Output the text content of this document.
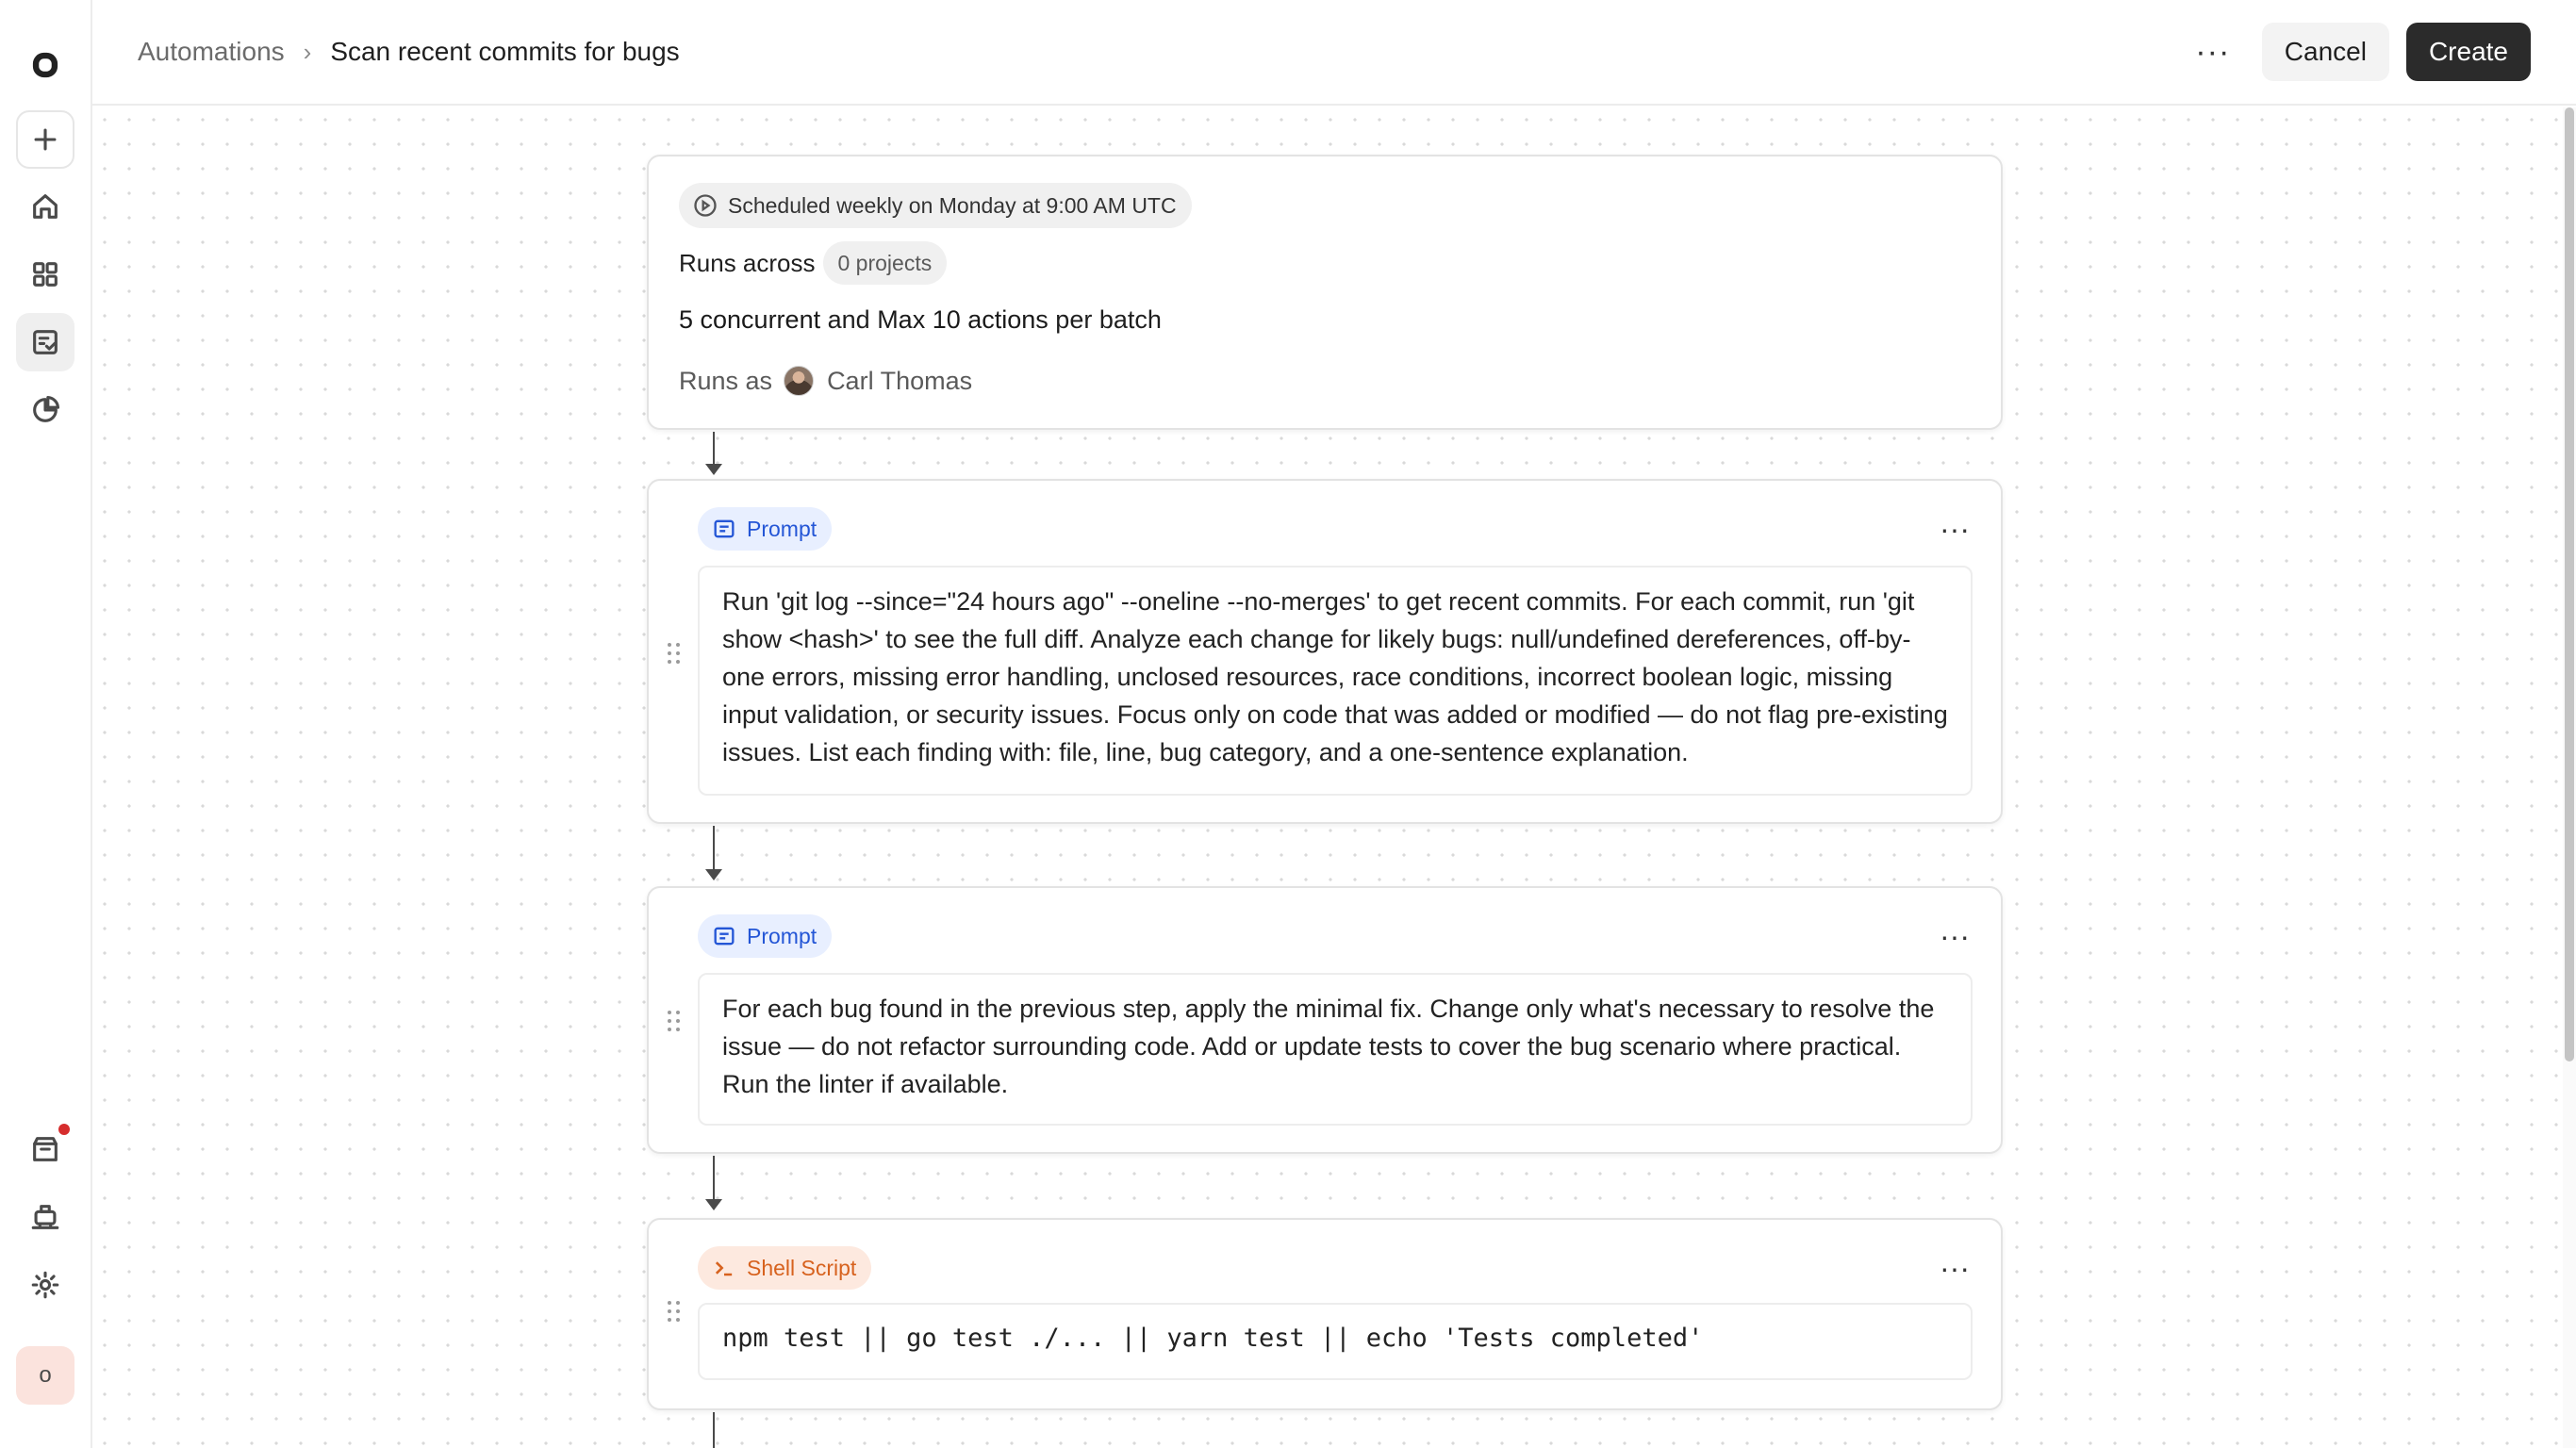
o
Automations › Scan recent commits for bugs	···	Cancel	Create
Scheduled weekly on Monday at 9:00 AM UTC
Runs across	0 projects
5 concurrent and Max 10 actions per batch
Runs as Carl Thomas
Prompt	···
Run 'git log --since="24 hours ago" --oneline --no-merges' to get recent commits. For each commit, run 'git show <hash>' to see the full diff. Analyze each change for likely bugs: null/undefined dereferences, off-by-one errors, missing error handling, unclosed resources, race conditions, incorrect boolean logic, missing input validation, or security issues. Focus only on code that was added or modified — do not flag pre-existing issues. List each finding with: file, line, bug category, and a one-sentence explanation.
Prompt	···
For each bug found in the previous step, apply the minimal fix. Change only what's necessary to resolve the issue — do not refactor surrounding code. Add or update tests to cover the bug scenario where practical. Run the linter if available.
Shell Script	···
npm test || go test ./... || yarn test || echo 'Tests completed'
